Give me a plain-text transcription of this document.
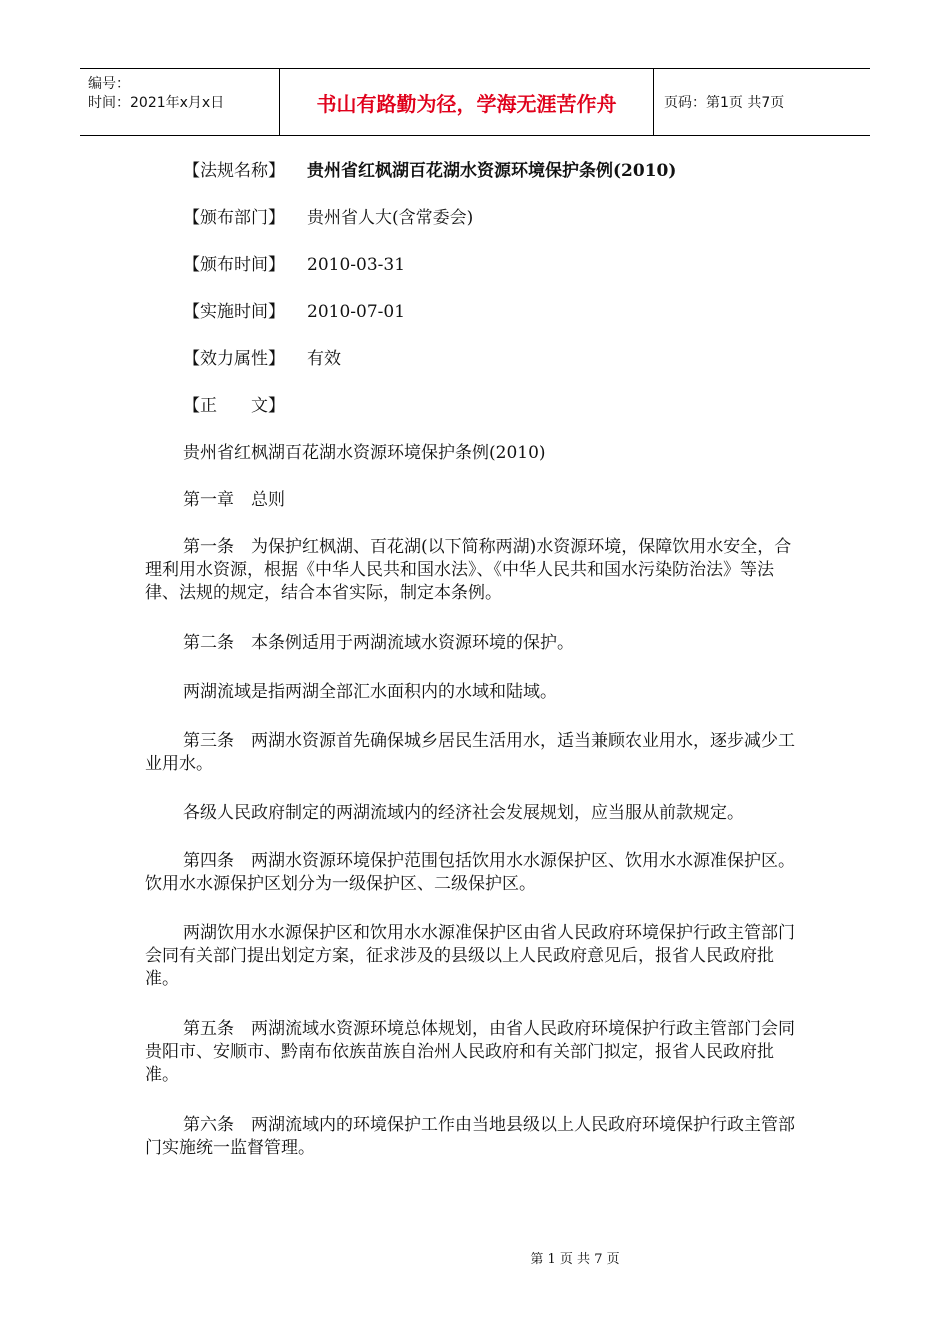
编号：
时间：2021年x月x日	书山有路勤为径，学海无涯苦作舟	页码：第1页 共7页
【法规名称】 贵州省红枫湖百花湖水资源环境保护条例(2010)
【颁布部门】 贵州省人大(含常委会)
【颁布时间】 2010-03-31
【实施时间】 2010-07-01
【效力属性】 有效
【正　　文】

贵州省红枫湖百花湖水资源环境保护条例(2010)

第一章　总则

第一条　为保护红枫湖、百花湖(以下简称两湖)水资源环境，保障饮用水安全，合理利用水资源，根据《中华人民共和国水法》、《中华人民共和国水污染防治法》等法律、法规的规定，结合本省实际，制定本条例。

第二条　本条例适用于两湖流域水资源环境的保护。

两湖流域是指两湖全部汇水面积内的水域和陆域。

第三条　两湖水资源首先确保城乡居民生活用水，适当兼顾农业用水，逐步减少工业用水。

各级人民政府制定的两湖流域内的经济社会发展规划，应当服从前款规定。

第四条　两湖水资源环境保护范围包括饮用水水源保护区、饮用水水源准保护区。饮用水水源保护区划分为一级保护区、二级保护区。

两湖饮用水水源保护区和饮用水水源准保护区由省人民政府环境保护行政主管部门会同有关部门提出划定方案，征求涉及的县级以上人民政府意见后，报省人民政府批准。

第五条　两湖流域水资源环境总体规划，由省人民政府环境保护行政主管部门会同贵阳市、安顺市、黔南布依族苗族自治州人民政府和有关部门拟定，报省人民政府批准。

第六条　两湖流域内的环境保护工作由当地县级以上人民政府环境保护行政主管部门实施统一监督管理。

第 1 页 共 7 页
